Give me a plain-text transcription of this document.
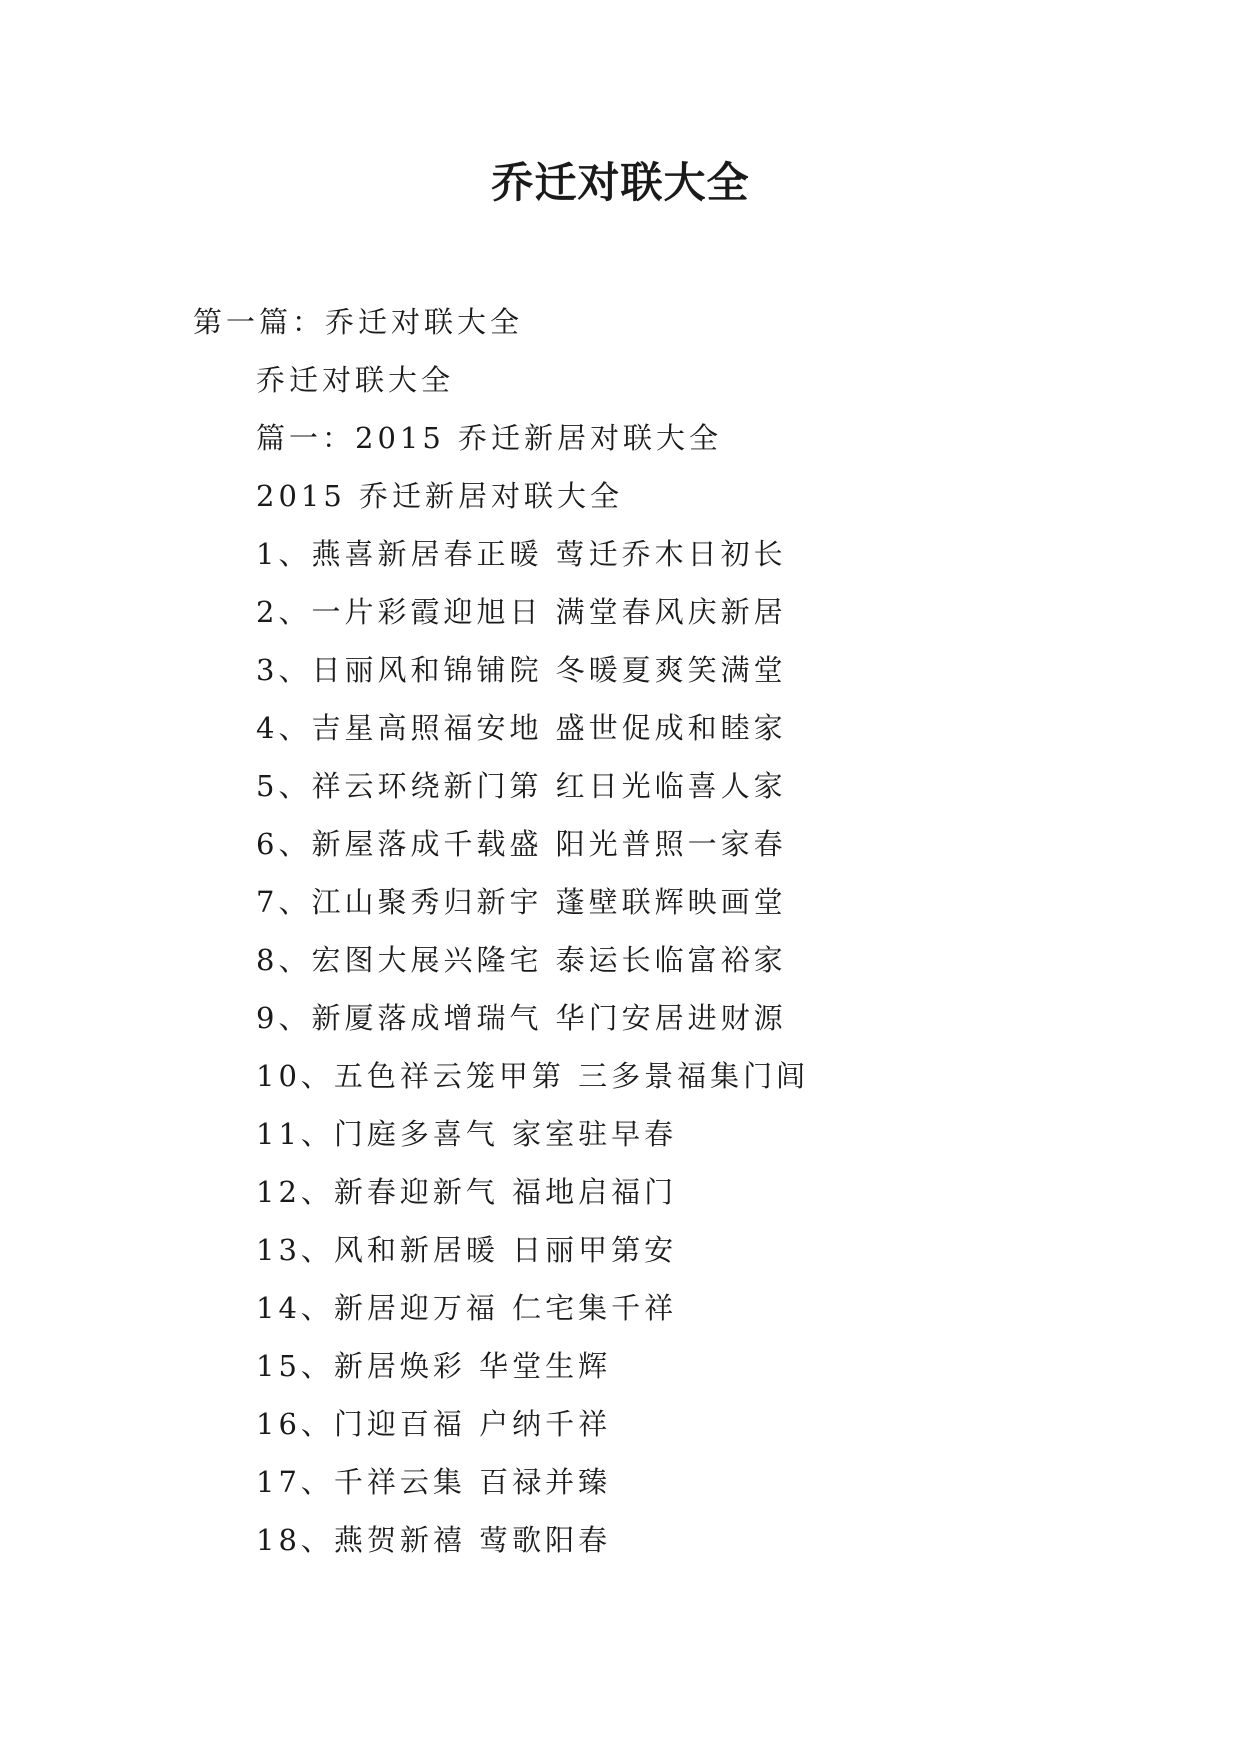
乔迁对联大全
第一篇：乔迁对联大全
乔迁对联大全
篇一：2015 乔迁新居对联大全
2015 乔迁新居对联大全
1、燕喜新居春正暖 莺迁乔木日初长
2、一片彩霞迎旭日 满堂春风庆新居
3、日丽风和锦铺院 冬暖夏爽笑满堂
4、吉星高照福安地 盛世促成和睦家
5、祥云环绕新门第 红日光临喜人家
6、新屋落成千载盛 阳光普照一家春
7、江山聚秀归新宇 蓬壁联辉映画堂
8、宏图大展兴隆宅 泰运长临富裕家
9、新厦落成增瑞气 华门安居进财源
10、五色祥云笼甲第 三多景福集门闾
11、门庭多喜气 家室驻早春
12、新春迎新气 福地启福门
13、风和新居暖 日丽甲第安
14、新居迎万福 仁宅集千祥
15、新居焕彩 华堂生辉
16、门迎百福 户纳千祥
17、千祥云集 百禄并臻
18、燕贺新禧 莺歌阳春
